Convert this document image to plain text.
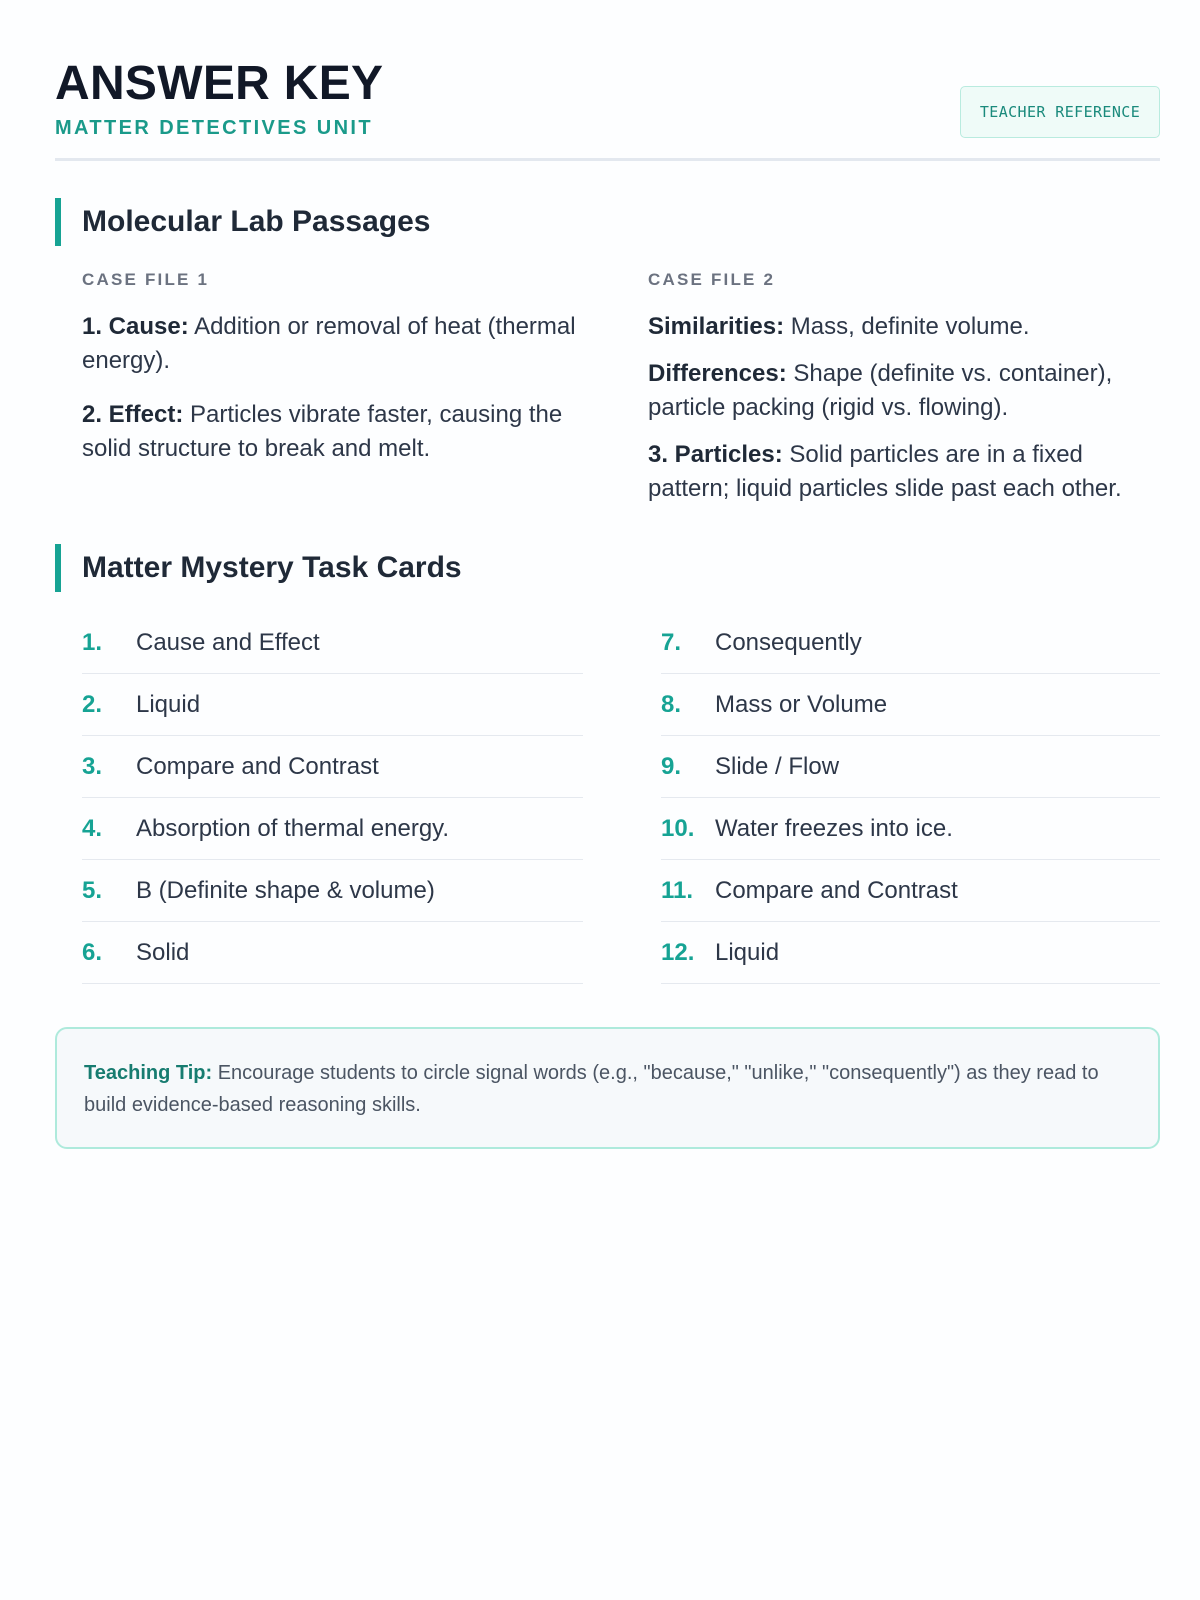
ANSWER KEY
MATTER DETECTIVES UNIT
TEACHER REFERENCE
Molecular Lab Passages
CASE FILE 1

1. Cause: Addition or removal of heat (thermal energy).

2. Effect: Particles vibrate faster, causing the solid structure to break and melt.

CASE FILE 2

Similarities: Mass, definite volume.

Differences: Shape (definite vs. container), particle packing (rigid vs. flowing).

3. Particles: Solid particles are in a fixed pattern; liquid particles slide past each other.

Matter Mystery Task Cards
1.	Cause and Effect
2.	Liquid
3.	Compare and Contrast
4.	Absorption of thermal energy.
5.	B (Definite shape & volume)
6.	Solid
7.	Consequently
8.	Mass or Volume
9.	Slide / Flow
10. Water freezes into ice.
11. Compare and Contrast
12. Liquid
Teaching Tip: Encourage students to circle signal words (e.g., "because," "unlike," "consequently") as they read to build evidence-based reasoning skills.
